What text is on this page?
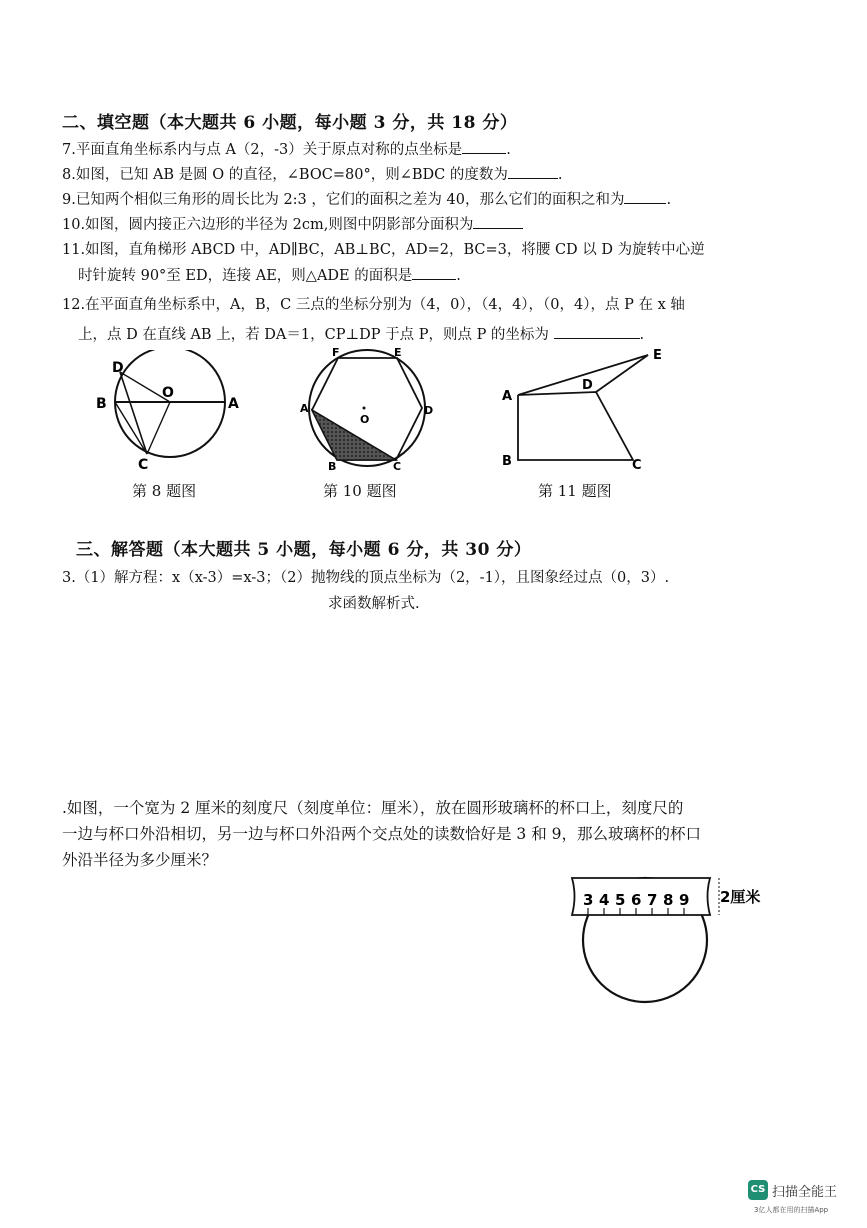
二、填空题（本大题共 6 小题，每小题 3 分，共 18 分）
7.平面直角坐标系内与点 A（2，-3）关于原点对称的点坐标是	.
8.如图，已知 AB 是圆 O 的直径，∠BOC=80°，则∠BDC 的度数为	.
9.已知两个相似三角形的周长比为 2:3 ，它们的面积之差为 40，那么它们的面积之和为	.
10.如图，圆内接正六边形的半径为 2cm,则图中阴影部分面积为
11.如图，直角梯形 ABCD 中，AD∥BC，AB⊥BC，AD=2，BC=3，将腰 CD 以 D 为旋转中心逆
时针旋转 90°至 ED，连接 AE，则△ADE 的面积是	.
12.在平面直角坐标系中，A，B，C 三点的坐标分别为（4，0），（4，4），（0，4），点 P 在 x 轴
上，点 D 在直线 AB 上，若 DA＝1，CP⊥DP 于点 P，则点 P 的坐标为	.
D
B
O
A
C
第 8 题图
F	E
A
O
D
B	C
第 10 题图
A
D
E
B	C
第 11 题图
三、解答题（本大题共 5 小题，每小题 6 分，共 30 分）
3.（1）解方程：x（x-3）=x-3；（2）抛物线的顶点坐标为（2，-1），且图象经过点（0，3）.
求函数解析式.
.如图，一个宽为 2 厘米的刻度尺（刻度单位：厘米），放在圆形玻璃杯的杯口上，刻度尺的
一边与杯口外沿相切，另一边与杯口外沿两个交点处的读数恰好是 3 和 9，那么玻璃杯的杯口
外沿半径为多少厘米？
3 4 5 6 7 8 9 2厘米
CS 扫描全能王
3亿人都在用的扫描App
